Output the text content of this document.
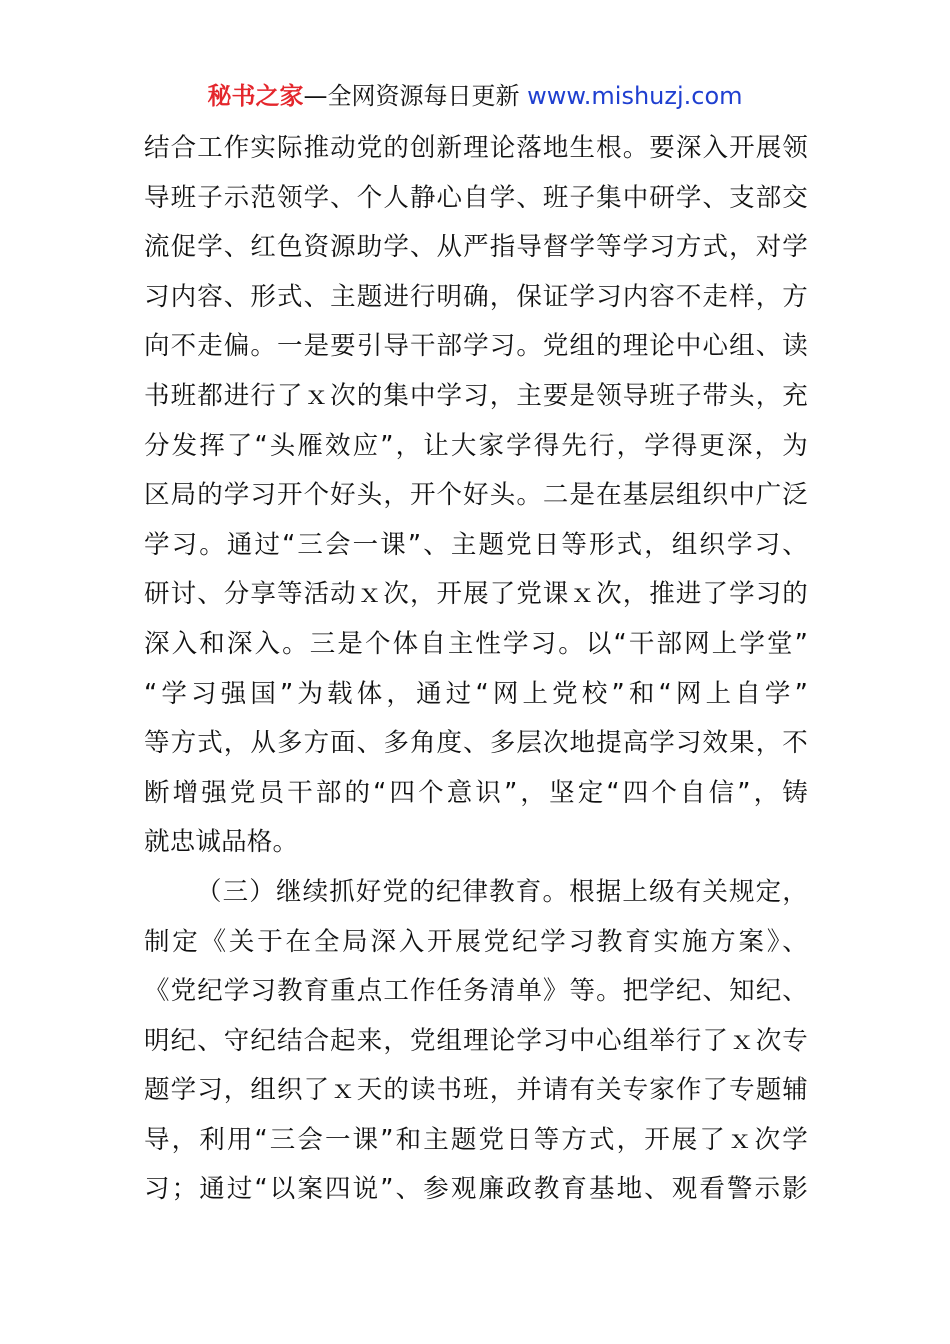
秘书之家—全网资源每日更新 www.mishuzj.com
结合工作实际推动党的创新理论落地生根。要深入开展领
导班子示范领学、个人静心自学、班子集中研学、支部交
流促学、红色资源助学、从严指导督学等学习方式，对学
习内容、形式、主题进行明确，保证学习内容不走样，方
向不走偏。一是要引导干部学习。党组的理论中心组、读
书班都进行了ｘ次的集中学习，主要是领导班子带头，充
分发挥了“头雁效应”，让大家学得先行，学得更深，为
区局的学习开个好头，开个好头。二是在基层组织中广泛
学习。通过“三会一课”、主题党日等形式，组织学习、
研讨、分享等活动ｘ次，开展了党课ｘ次，推进了学习的
深入和深入。三是个体自主性学习。以“干部网上学堂”
“学习强国”为载体，通过“网上党校”和“网上自学”
等方式，从多方面、多角度、多层次地提高学习效果，不
断增强党员干部的“四个意识”，坚定“四个自信”，铸
就忠诚品格。
（三）继续抓好党的纪律教育。根据上级有关规定，
制定《关于在全局深入开展党纪学习教育实施方案》、
《党纪学习教育重点工作任务清单》等。把学纪、知纪、
明纪、守纪结合起来，党组理论学习中心组举行了ｘ次专
题学习，组织了ｘ天的读书班，并请有关专家作了专题辅
导，利用“三会一课”和主题党日等方式，开展了ｘ次学
习；通过“以案四说”、参观廉政教育基地、观看警示影
